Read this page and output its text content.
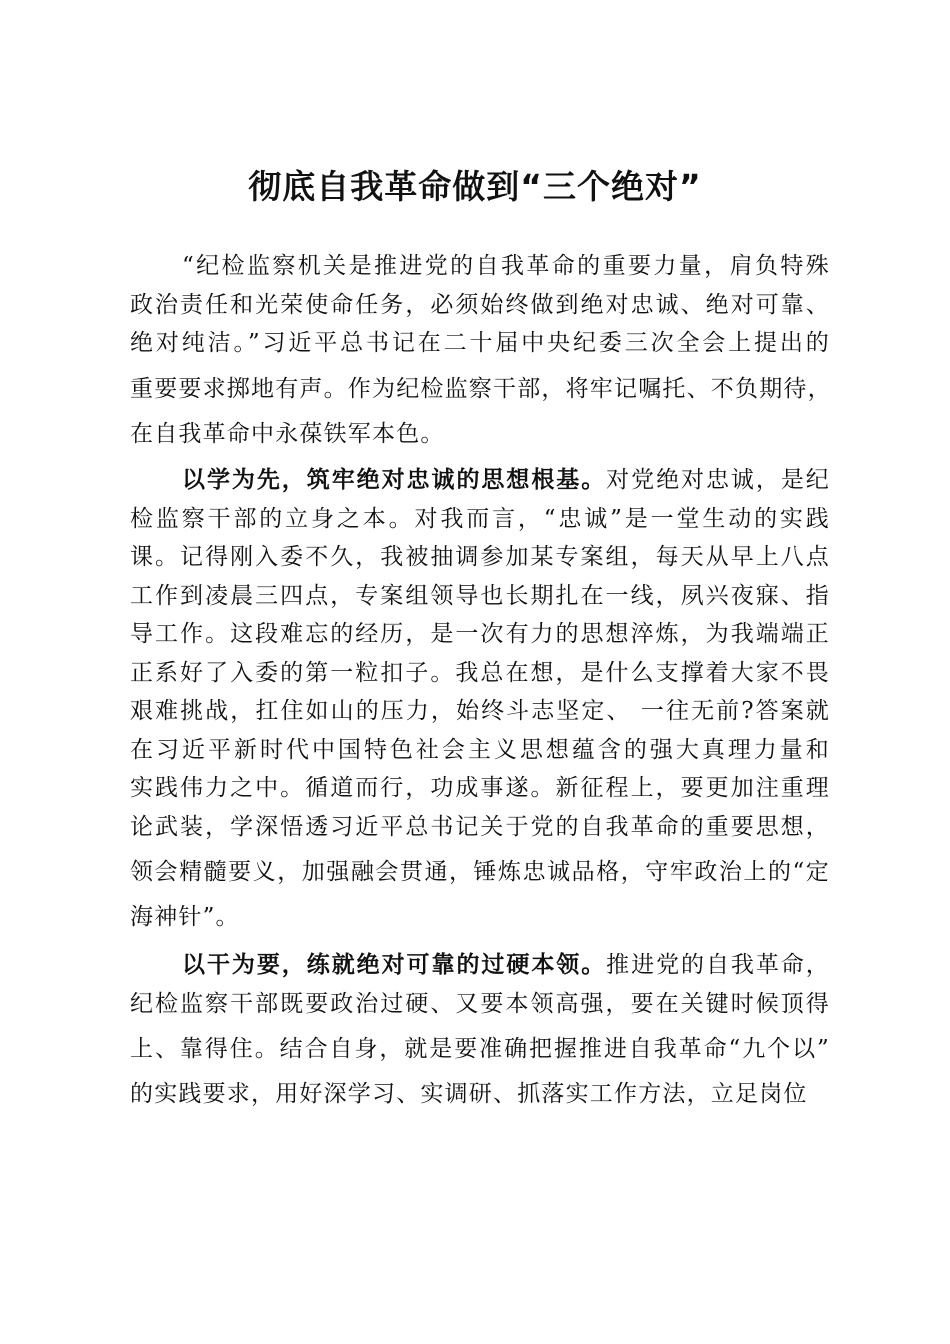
彻底自我革命做到“三个绝对”
“纪检监察机关是推进党的自我革命的重要力量，肩负特殊
政治责任和光荣使命任务，必须始终做到绝对忠诚、绝对可靠、
绝对纯洁。”习近平总书记在二十届中央纪委三次全会上提出的
重要要求掷地有声。作为纪检监察干部，将牢记嘱托、不负期待，
在自我革命中永葆铁军本色。
以学为先，筑牢绝对忠诚的思想根基。对党绝对忠诚，是纪
检监察干部的立身之本。对我而言，“忠诚”是一堂生动的实践
课。记得刚入委不久，我被抽调参加某专案组，每天从早上八点
工作到凌晨三四点，专案组领导也长期扎在一线，夙兴夜寐、指
导工作。这段难忘的经历，是一次有力的思想淬炼，为我端端正
正系好了入委的第一粒扣子。我总在想，是什么支撑着大家不畏
艰难挑战，扛住如山的压力，始终斗志坚定、 一往无前?答案就
在习近平新时代中国特色社会主义思想蕴含的强大真理力量和
实践伟力之中。循道而行，功成事遂。新征程上，要更加注重理
论武装，学深悟透习近平总书记关于党的自我革命的重要思想，
领会精髓要义，加强融会贯通，锤炼忠诚品格，守牢政治上的“定
海神针”。
以干为要，练就绝对可靠的过硬本领。推进党的自我革命，
纪检监察干部既要政治过硬、又要本领高强，要在关键时候顶得
上、靠得住。结合自身，就是要准确把握推进自我革命“九个以”
的实践要求，用好深学习、实调研、抓落实工作方法，立足岗位
